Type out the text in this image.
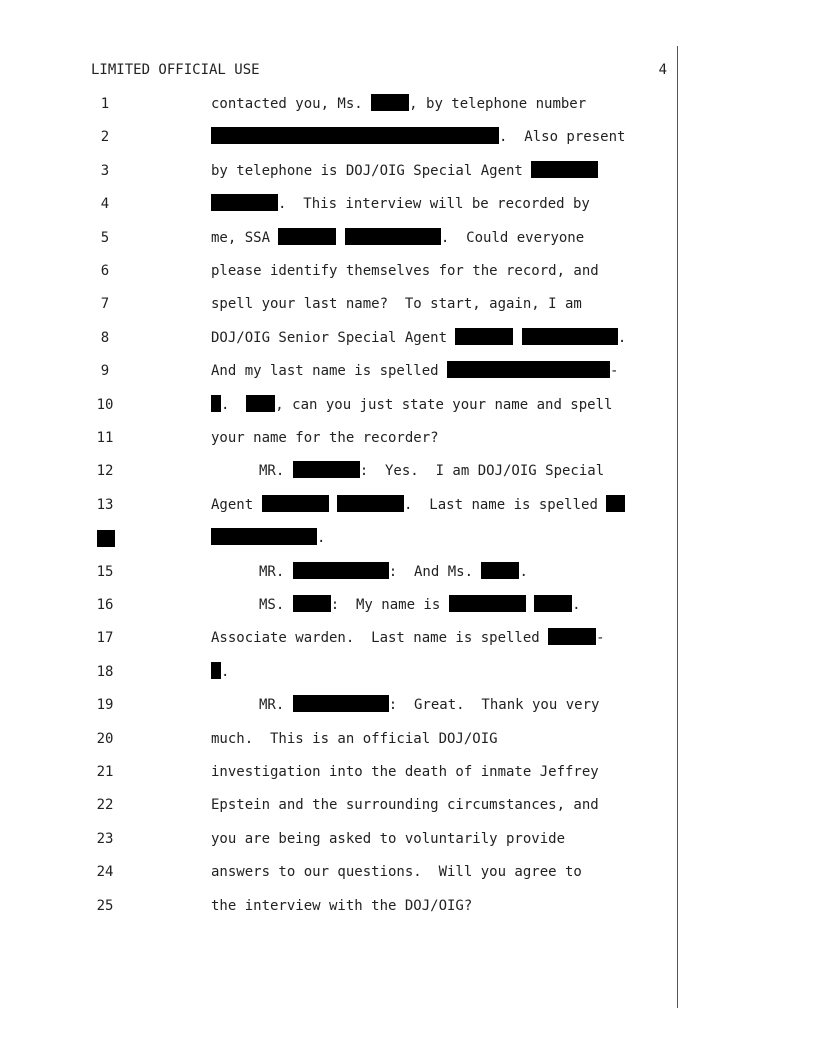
LIMITED OFFICIAL USE	4
1	contacted you, Ms.	, by telephone number
2	.  Also present
3	by telephone is DOJ/OIG Special Agent
4	.  This interview will be recorded by
5	me, SSA	.  Could everyone
6	please identify themselves for the record, and
7	spell your last name?  To start, again, I am
8	DOJ/OIG Senior Special Agent	.
9	And my last name is spelled	-
10	.  , can you just state your name and spell
11	your name for the recorder?
12	MR.	:  Yes.  I am DOJ/OIG Special
13	Agent	.  Last name is spelled
.
15	MR.	:  And Ms.	.
16	MS.	:  My name is	.
17	Associate warden.  Last name is spelled	-
18	.
19	MR.	:  Great.  Thank you very
20	much.  This is an official DOJ/OIG
21	investigation into the death of inmate Jeffrey
22	Epstein and the surrounding circumstances, and
23	you are being asked to voluntarily provide
24	answers to our questions.  Will you agree to
25	the interview with the DOJ/OIG?
